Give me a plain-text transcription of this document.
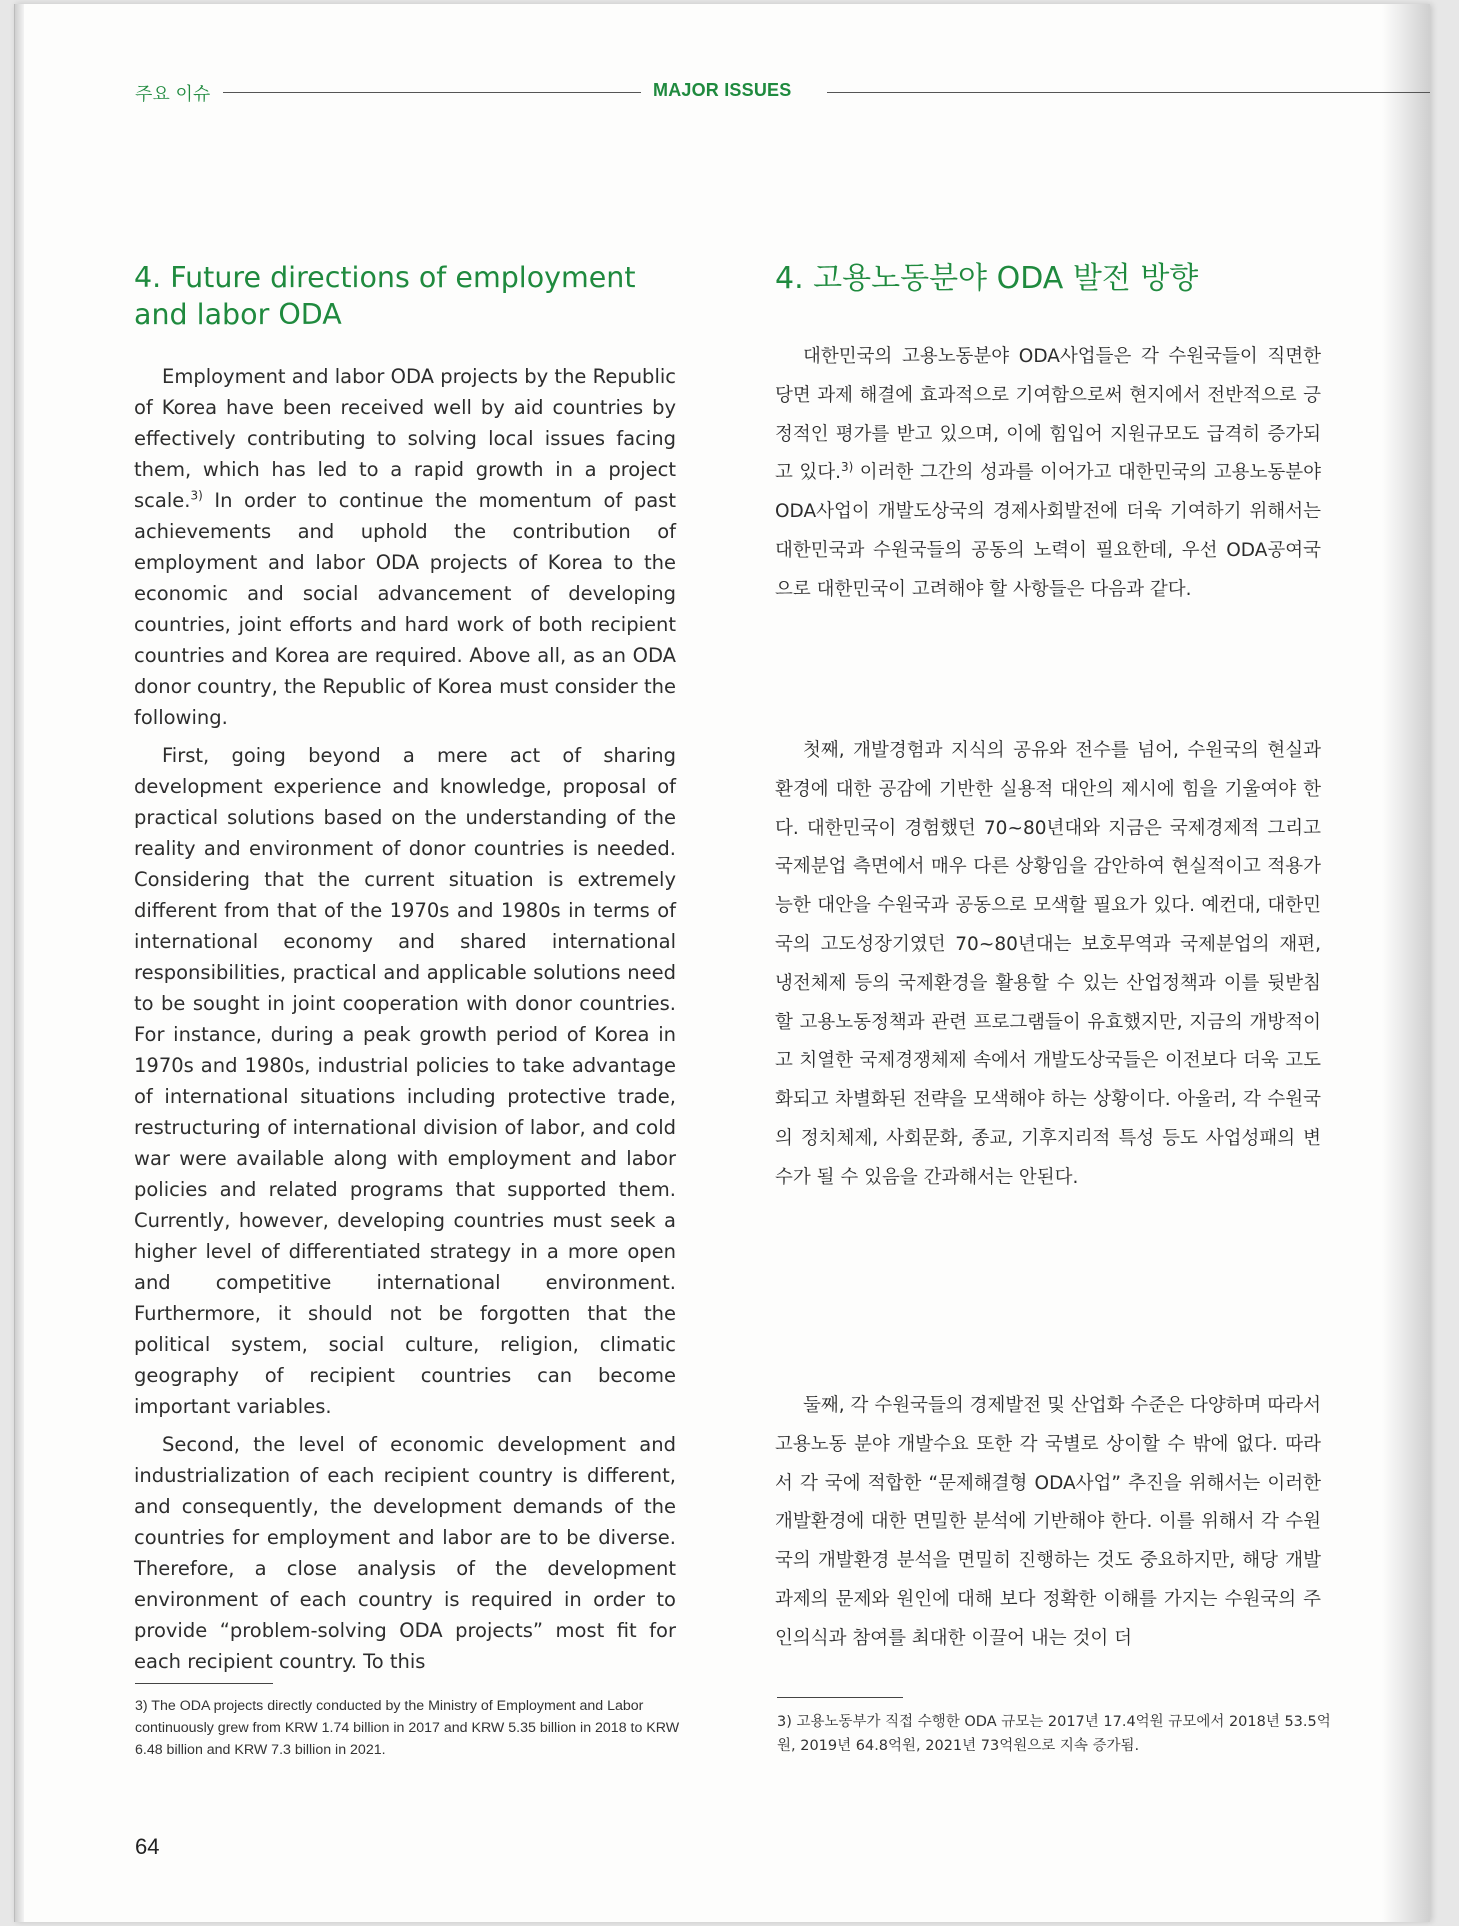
주요 이슈	MAJOR ISSUES
4. Future directions of employment and labor ODA

Employment and labor ODA projects by the Republic of Korea have been received well by aid countries by effectively contributing to solving local issues facing them, which has led to a rapid growth in a project scale.$^{3)}$ In order to continue the momentum of past achievements and uphold the contribution of employment and labor ODA projects of Korea to the economic and social advancement of developing countries, joint efforts and hard work of both recipient countries and Korea are required. Above all, as an ODA donor country, the Republic of Korea must consider the following.

First, going beyond a mere act of sharing development experience and knowledge, proposal of practical solutions based on the understanding of the reality and environment of donor countries is needed. Considering that the current situation is extremely different from that of the 1970s and 1980s in terms of international economy and shared international responsibilities, practical and applicable solutions need to be sought in joint cooperation with donor countries. For instance, during a peak growth period of Korea in 1970s and 1980s, industrial policies to take advantage of international situations including protective trade, restructuring of international division of labor, and cold war were available along with employment and labor policies and related programs that supported them. Currently, however, developing countries must seek a higher level of differentiated strategy in a more open and competitive international environment. Furthermore, it should not be forgotten that the political system, social culture, religion, climatic geography of recipient countries can become important variables.

Second, the level of economic development and industrialization of each recipient country is different, and consequently, the development demands of the countries for employment and labor are to be diverse. Therefore, a close analysis of the development environment of each country is required in order to provide “problem-solving ODA projects” most fit for each recipient country. To this

4. 고용노동분야 ODA 발전 방향

대한민국의 고용노동분야 ODA사업들은 각 수원국들이 직면한 당면 과제 해결에 효과적으로 기여함으로써 현지에서 전반적으로 긍정적인 평가를 받고 있으며, 이에 힘입어 지원규모도 급격히 증가되고 있다.$^{3)}$ 이러한 그간의 성과를 이어가고 대한민국의 고용노동분야 ODA사업이 개발도상국의 경제사회발전에 더욱 기여하기 위해서는 대한민국과 수원국들의 공동의 노력이 필요한데, 우선 ODA공여국으로 대한민국이 고려해야 할 사항들은 다음과 같다.

첫째, 개발경험과 지식의 공유와 전수를 넘어, 수원국의 현실과 환경에 대한 공감에 기반한 실용적 대안의 제시에 힘을 기울여야 한다. 대한민국이 경험했던 70~80년대와 지금은 국제경제적 그리고 국제분업 측면에서 매우 다른 상황임을 감안하여 현실적이고 적용가능한 대안을 수원국과 공동으로 모색할 필요가 있다. 예컨대, 대한민국의 고도성장기였던 70~80년대는 보호무역과 국제분업의 재편, 냉전체제 등의 국제환경을 활용할 수 있는 산업정책과 이를 뒷받침할 고용노동정책과 관련 프로그램들이 유효했지만, 지금의 개방적이고 치열한 국제경쟁체제 속에서 개발도상국들은 이전보다 더욱 고도화되고 차별화된 전략을 모색해야 하는 상황이다. 아울러, 각 수원국의 정치체제, 사회문화, 종교, 기후지리적 특성 등도 사업성패의 변수가 될 수 있음을 간과해서는 안된다.

둘째, 각 수원국들의 경제발전 및 산업화 수준은 다양하며 따라서 고용노동 분야 개발수요 또한 각 국별로 상이할 수 밖에 없다. 따라서 각 국에 적합한 “문제해결형 ODA사업” 추진을 위해서는 이러한 개발환경에 대한 면밀한 분석에 기반해야 한다. 이를 위해서 각 수원국의 개발환경 분석을 면밀히 진행하는 것도 중요하지만, 해당 개발과제의 문제와 원인에 대해 보다 정확한 이해를 가지는 수원국의 주인의식과 참여를 최대한 이끌어 내는 것이 더

3) The ODA projects directly conducted by the Ministry of Employment and Labor continuously grew from KRW 1.74 billion in 2017 and KRW 5.35 billion in 2018 to KRW 6.48 billion and KRW 7.3 billion in 2021.
3) 고용노동부가 직접 수행한 ODA 규모는 2017년 17.4억원 규모에서 2018년 53.5억원, 2019년 64.8억원, 2021년 73억원으로 지속 증가됨.
64
